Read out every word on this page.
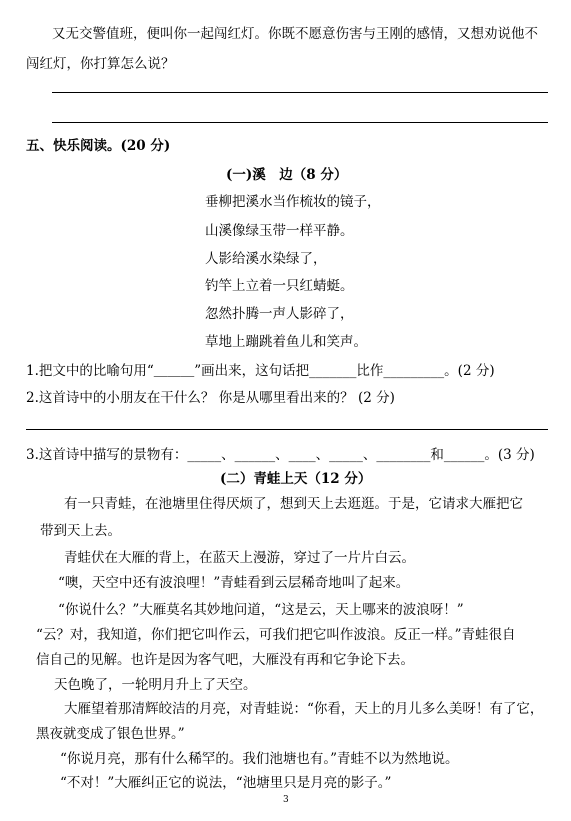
又无交警值班，便叫你一起闯红灯。你既不愿意伤害与王刚的感情，又想劝说他不
闯红灯，你打算怎么说？
五、快乐阅读。(20 分)
(一)溪　边（8 分）
垂柳把溪水当作梳妆的镜子，
山溪像绿玉带一样平静。
人影给溪水染绿了，
钓竿上立着一只红蜻蜓。
忽然扑腾一声人影碎了，
草地上蹦跳着鱼儿和笑声。
1.把文中的比喻句用“＿＿＿”画出来，这句话把_______比作_________。(2 分)
2.这首诗中的小朋友在干什么？ 你是从哪里看出来的？ (2 分)
3.这首诗中描写的景物有：_____、______、____、_____、________和______。(3 分)
(二）青蛙上天（12 分）
有一只青蛙，在池塘里住得厌烦了，想到天上去逛逛。于是，它请求大雁把它
带到天上去。
青蛙伏在大雁的背上，在蓝天上漫游，穿过了一片片白云。
“噢，天空中还有波浪哩！”青蛙看到云层稀奇地叫了起来。
“你说什么？”大雁莫名其妙地问道，“这是云，天上哪来的波浪呀！”
“云？对，我知道，你们把它叫作云，可我们把它叫作波浪。反正一样。”青蛙很自
信自己的见解。也许是因为客气吧，大雁没有再和它争论下去。
天色晚了，一轮明月升上了天空。
大雁望着那清辉皎洁的月亮，对青蛙说：“你看，天上的月儿多么美呀！有了它，
黑夜就变成了银色世界。”
“你说月亮，那有什么稀罕的。我们池塘也有。”青蛙不以为然地说。
“不对！”大雁纠正它的说法，“池塘里只是月亮的影子。”
3
